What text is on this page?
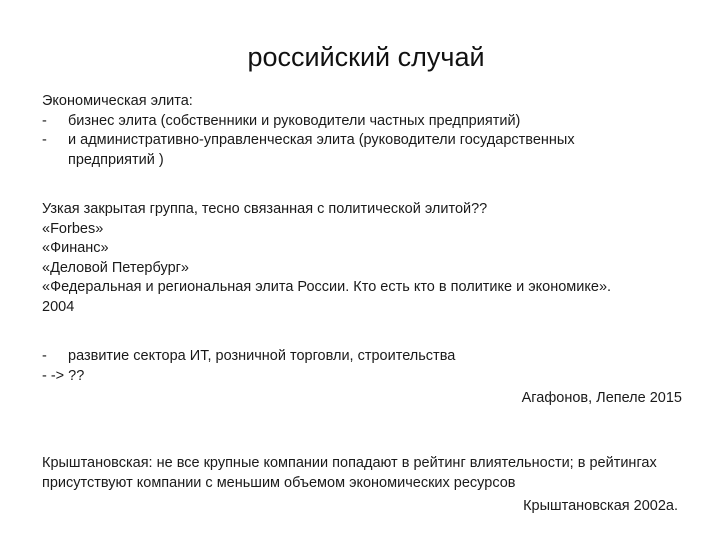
российский случай
Экономическая элита:
-	бизнес элита (собственники и руководители частных предприятий)
-	и административно-управленческая элита (руководители государственных предприятий )
Узкая закрытая группа, тесно связанная с политической элитой??
«Forbes»
«Финанс»
«Деловой Петербург»
«Федеральная и региональная элита России. Кто есть кто в политике и экономике». 2004
-	развитие сектора ИТ, розничной торговли, строительства
- -> ??
Агафонов, Лепеле 2015
Крыштановская: не все крупные компании попадают в рейтинг влиятельности; в рейтингах присутствуют компании с меньшим объемом экономических ресурсов
Крыштановская 2002а.
